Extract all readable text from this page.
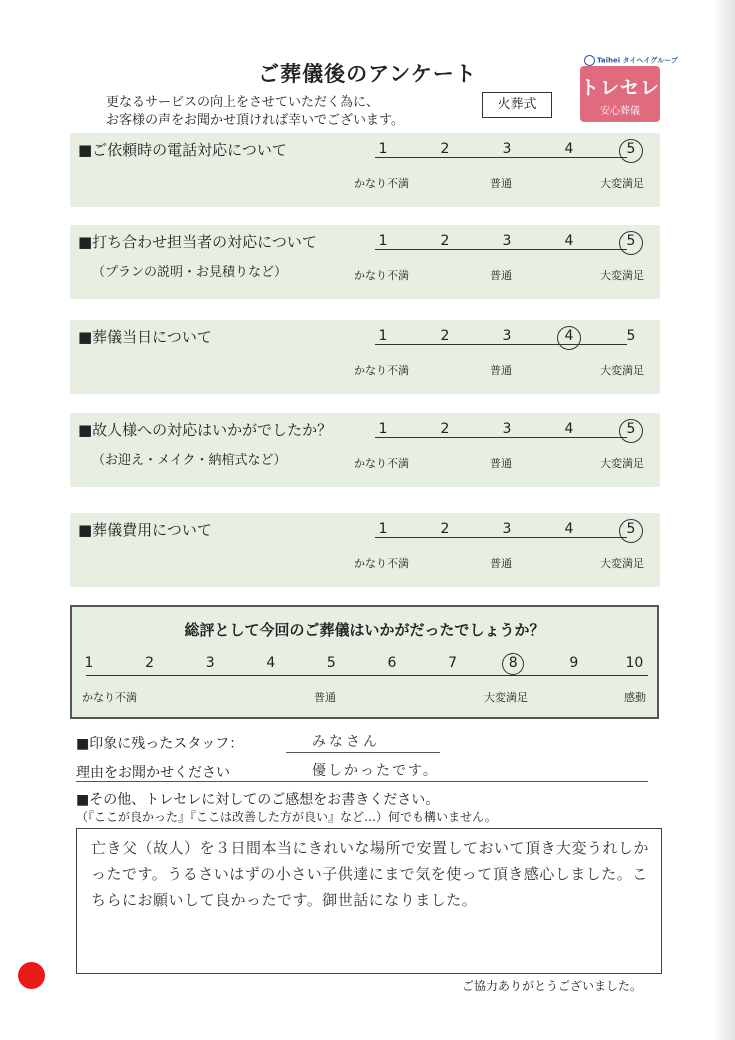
ご葬儀後のアンケート
更なるサービスの向上をさせていただく為に、
お客様の声をお聞かせ頂ければ幸いでございます。
火葬式
Taihei タイヘイグループ
トレセレ
安心葬儀
■ご依頼時の電話対応について	1	2	3	4	5
かなり不満	普通	大変満足
■打ち合わせ担当者の対応について
（プランの説明・お見積りなど）
1	2	3	4	5
かなり不満	普通	大変満足
■葬儀当日について	1	2	3	4	5
かなり不満	普通	大変満足
■故人様への対応はいかがでしたか？
（お迎え・メイク・納棺式など）
1	2	3	4	5
かなり不満	普通	大変満足
■葬儀費用について	1	2	3	4	5
かなり不満	普通	大変満足
総評として今回のご葬儀はいかがだったでしょうか？
1	2	3	4	5	6	7	8	9	10
かなり不満	普通	大変満足	感動
■印象に残ったスタッフ：	みなさん
理由をお聞かせください	優しかったです。
■その他、トレセレに対してのご感想をお書きください。
（『ここが良かった』『ここは改善した方が良い』など…）何でも構いません。
亡き父（故人）を３日間本当にきれいな場所で安置しておいて頂き大変うれしかったです。うるさいはずの小さい子供達にまで気を使って頂き感心しました。こちらにお願いして良かったです。御世話になりました。
ご協力ありがとうございました。
